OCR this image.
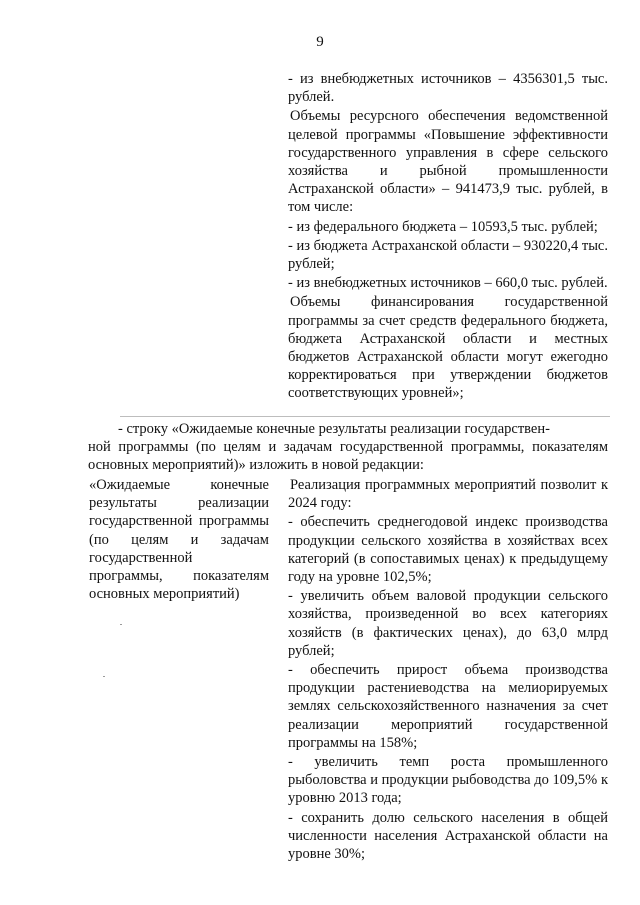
9

- из внебюджетных источников – 4356301,5 тыс. рублей.

Объемы ресурсного обеспечения ведомственной целевой программы «Повышение эффективности государственного управления в сфере сельского хозяйства и рыбной промышленности Астраханской области» – 941473,9 тыс. рублей, в том числе:

- из федерального бюджета – 10593,5 тыс. рублей;

- из бюджета Астраханской области – 930220,4 тыс. рублей;

- из внебюджетных источников – 660,0 тыс. рублей.

Объемы финансирования государственной программы за счет средств федерального бюджета, бюджета Астраханской области и местных бюджетов Астраханской области могут ежегодно корректироваться при утверждении бюджетов соответствующих уровней»;

- строку «Ожидаемые конечные результаты реализации государствен-
ной программы (по целям и задачам государственной программы, показателям основных мероприятий)» изложить в новой редакции:

«Ожидаемые конечные результаты реализации государственной программы (по целям и задачам государственной программы, показателям основных мероприятий)

Реализация программных мероприятий позволит к 2024 году:

- обеспечить среднегодовой индекс производства продукции сельского хозяйства в хозяйствах всех категорий (в сопоставимых ценах) к предыдущему году на уровне 102,5%;

- увеличить объем валовой продукции сельского хозяйства, произведенной во всех категориях хозяйств (в фактических ценах), до 63,0 млрд рублей;

- обеспечить прирост объема производства продукции растениеводства на мелиорируемых землях сельскохозяйственного назначения за счет реализации мероприятий государственной программы на 158%;

- увеличить темп роста промышленного рыболовства и продукции рыбоводства до 109,5% к уровню 2013 года;

- сохранить долю сельского населения в общей численности населения Астраханской области на уровне 30%;
